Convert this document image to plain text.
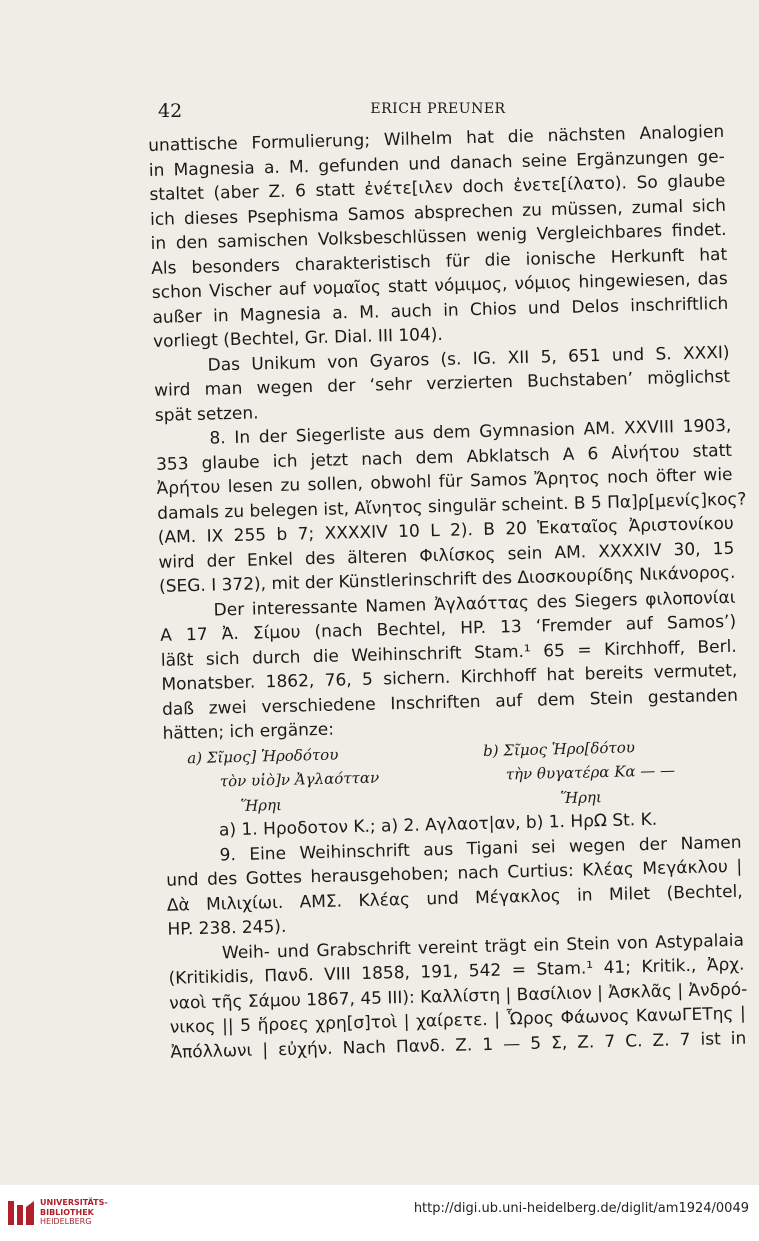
42	ERICH PREUNER
unattische Formulierung; Wilhelm hat die nächsten Analogien
in Magnesia a. M. gefunden und danach seine Ergänzungen ge-
staltet (aber Z. 6 statt ἐνέτε[ιλεν doch ἐνετε[ίλατο). So glaube
ich dieses Psephisma Samos absprechen zu müssen, zumal sich
in den samischen Volksbeschlüssen wenig Vergleichbares findet.
Als besonders charakteristisch für die ionische Herkunft hat
schon Vischer auf νομαῖος statt νόμιμος, νόμιος hingewiesen, das
außer in Magnesia a. M. auch in Chios und Delos inschriftlich
vorliegt (Bechtel, Gr. Dial. III 104).
Das Unikum von Gyaros (s. IG. XII 5, 651 und S. XXXI)
wird man wegen der ‘sehr verzierten Buchstaben’ möglichst
spät setzen.
8. In der Siegerliste aus dem Gymnasion AM. XXVIII 1903,
353 glaube ich jetzt nach dem Abklatsch A 6 Αἰνήτου statt
Ἀρήτου lesen zu sollen, obwohl für Samos Ἄρητος noch öfter wie
damals zu belegen ist, Αἴνητος singulär scheint. B 5 Πα]ρ[μενίς]κος?
(AM. IX 255 b 7; XXXXIV 10 L 2). B 20 Ἑκαταῖος Ἀριστονίκου
wird der Enkel des älteren Φιλίσκος sein AM. XXXXIV 30, 15
(SEG. I 372), mit der Künstlerinschrift des Διοσκουρίδης Νικάνορος.
Der interessante Namen Ἀγλαόττας des Siegers φιλοπονίαι
A 17 Ἀ. Σίμου (nach Bechtel, HP. 13 ‘Fremder auf Samos’)
läßt sich durch die Weihinschrift Stam.¹ 65 = Kirchhoff, Berl.
Monatsber. 1862, 76, 5 sichern. Kirchhoff hat bereits vermutet,
daß zwei verschiedene Inschriften auf dem Stein gestanden
hätten; ich ergänze:
a) Σῖμος] Ἡροδότου	b) Σῖμος Ἡρο[δότου
τὸν υἱὸ]ν Ἀγλαότταν	τὴν θυγατέρα Κα — —
Ἥρηι	Ἥρηι
a) 1. Ηροδοτον Κ.; a) 2. Αγλαοτ|αν, b) 1. ΗρΩ St. K.
9. Eine Weihinschrift aus Tigani sei wegen der Namen
und des Gottes herausgehoben; nach Curtius: Κλέας Μεγάκλου |
Δὰ Μιλιχίωι. ΑΜΣ. Κλέας und Μέγακλος in Milet (Bechtel,
HP. 238. 245).
Weih- und Grabschrift vereint trägt ein Stein von Astypalaia
(Kritikidis, Πανδ. VIII 1858, 191, 542 = Stam.¹ 41; Kritik., Ἀρχ.
ναοὶ τῆς Σάμου 1867, 45 III): Καλλίστη | Βασίλιον | Ἀσκλᾶς | Ἀνδρό-
νικος || 5 ἥροες χρη[σ]τοὶ | χαίρετε. | Ὧρος Φάωνος ΚανωΓΕΤης |
Ἀπόλλωνι | εὐχήν. Nach Πανδ. Z. 1 — 5 Σ, Z. 7 C. Z. 7 ist in
UNIVERSITÄTS-
BIBLIOTHEK
HEIDELBERG
http://digi.ub.uni-heidelberg.de/diglit/am1924/0049
